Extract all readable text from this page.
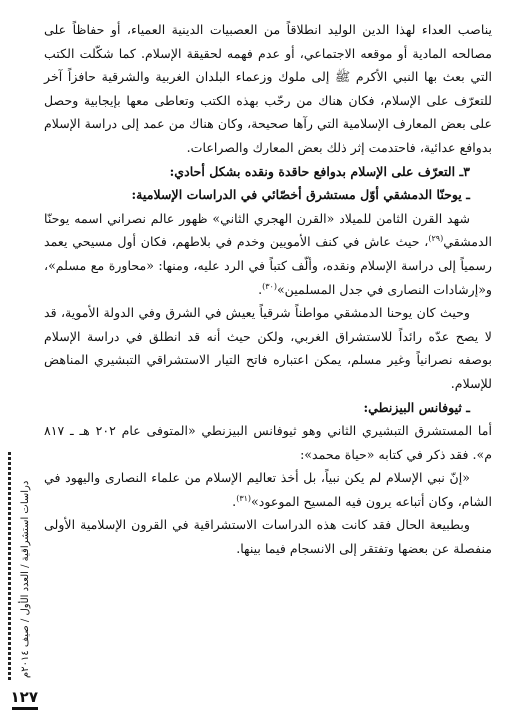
يناصب العداء لهذا الدين الوليد انطلاقاً من العصبيات الدينية العمياء، أو حفاظاً على مصالحه المادية أو موقعه الاجتماعي، أو عدم فهمه لحقيقة الإسلام. كما شكّلت الكتب التي بعث بها النبي الأكرم ﷺ إلى ملوك وزعماء البلدان الغربية والشرقية حافزاً آخر للتعرّف على الإسلام، فكان هناك من رحّب بهذه الكتب وتعاطى معها بإيجابية وحصل على بعض المعارف الإسلامية التي رآها صحيحة، وكان هناك من عمد إلى دراسة الإسلام بدوافع عدائية، فاحتدمت إثر ذلك بعض المعارك والصراعات.

٣ـ التعرّف على الإسلام بدوافع حاقدة ونقده بشكل أحادي:

ـ يوحنّا الدمشقي أوّل مستشرق أخصّائي في الدراسات الإسلامية:

شهد القرن الثامن للميلاد «القرن الهجري الثاني» ظهور عالم نصراني اسمه يوحنّا الدمشقي$^{(٢٩)}$، حيث عاش في كنف الأمويين وخدم في بلاطهم، فكان أول مسيحي يعمد رسمياً إلى دراسة الإسلام ونقده، وألّف كتباً في الرد عليه، ومنها: «محاورة مع مسلم»، و«إرشادات النصارى في جدل المسلمين»$^{(٣٠)}$.

وحيث كان يوحنا الدمشقي مواطناً شرقياً يعيش في الشرق وفي الدولة الأموية، قد لا يصح عدّه رائداً للاستشراق الغربي، ولكن حيث أنه قد انطلق في دراسة الإسلام بوصفه نصرانياً وغير مسلم، يمكن اعتباره فاتح التيار الاستشراقي التبشيري المناهض للإسلام.

ـ ثيوفانس البيزنطي:

أما المستشرق التبشيري الثاني وهو ثيوفانس البيزنطي «المتوفى عام ٢٠٢ هـ ـ ٨١٧ م». فقد ذكر في كتابه «حياة محمد»:

«إنّ نبي الإسلام لم يكن نبياً، بل أخذ تعاليم الإسلام من علماء النصارى واليهود في الشام، وكان أتباعه يرون فيه المسيح الموعود»$^{(٣١)}$.

وبطبيعة الحال فقد كانت هذه الدراسات الاستشراقية في القرون الإسلامية الأولى منفصلة عن بعضها وتفتقر إلى الانسجام فيما بينها.

دراسات استشراقية / العدد الأول / صيف ٢٠١٤م
١٢٧
